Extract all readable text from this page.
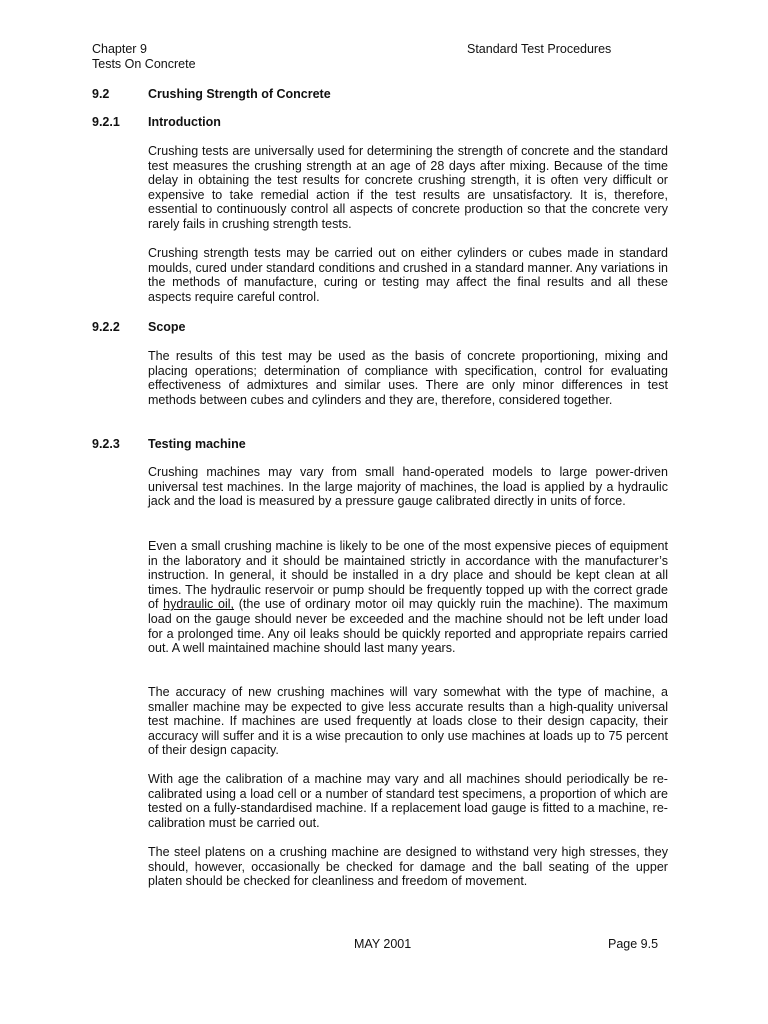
Chapter 9
Tests On Concrete
Standard Test Procedures
9.2	Crushing Strength of Concrete
9.2.1 Introduction

Crushing tests are universally used for determining the strength of concrete and the standard test measures the crushing strength at an age of 28 days after mixing. Because of the time delay in obtaining the test results for concrete crushing strength, it is often very difficult or expensive to take remedial action if the test results are unsatisfactory. It is, therefore, essential to continuously control all aspects of concrete production so that the concrete very rarely fails in crushing strength tests.

Crushing strength tests may be carried out on either cylinders or cubes made in standard moulds, cured under standard conditions and crushed in a standard manner. Any variations in the methods of manufacture, curing or testing may affect the final results and all these aspects require careful control.

9.2.2 Scope

The results of this test may be used as the basis of concrete proportioning, mixing and placing operations; determination of compliance with specification, control for evaluating effectiveness of admixtures and similar uses. There are only minor differences in test methods between cubes and cylinders and they are, therefore, considered together.

9.2.3 Testing machine

Crushing machines may vary from small hand-operated models to large power-driven universal test machines. In the large majority of machines, the load is applied by a hydraulic jack and the load is measured by a pressure gauge calibrated directly in units of force.

Even a small crushing machine is likely to be one of the most expensive pieces of equipment in the laboratory and it should be maintained strictly in accordance with the manufacturer’s instruction. In general, it should be installed in a dry place and should be kept clean at all times. The hydraulic reservoir or pump should be frequently topped up with the correct grade of hydraulic oil, (the use of ordinary motor oil may quickly ruin the machine). The maximum load on the gauge should never be exceeded and the machine should not be left under load for a prolonged time. Any oil leaks should be quickly reported and appropriate repairs carried out. A well maintained machine should last many years.

The accuracy of new crushing machines will vary somewhat with the type of machine, a smaller machine may be expected to give less accurate results than a high-quality universal test machine. If machines are used frequently at loads close to their design capacity, their accuracy will suffer and it is a wise precaution to only use machines at loads up to 75 percent of their design capacity.

With age the calibration of a machine may vary and all machines should periodically be re-calibrated using a load cell or a number of standard test specimens, a proportion of which are tested on a fully-standardised machine. If a replacement load gauge is fitted to a machine, re-calibration must be carried out.

The steel platens on a crushing machine are designed to withstand very high stresses, they should, however, occasionally be checked for damage and the ball seating of the upper platen should be checked for cleanliness and freedom of movement.

MAY 2001	Page 9.5
